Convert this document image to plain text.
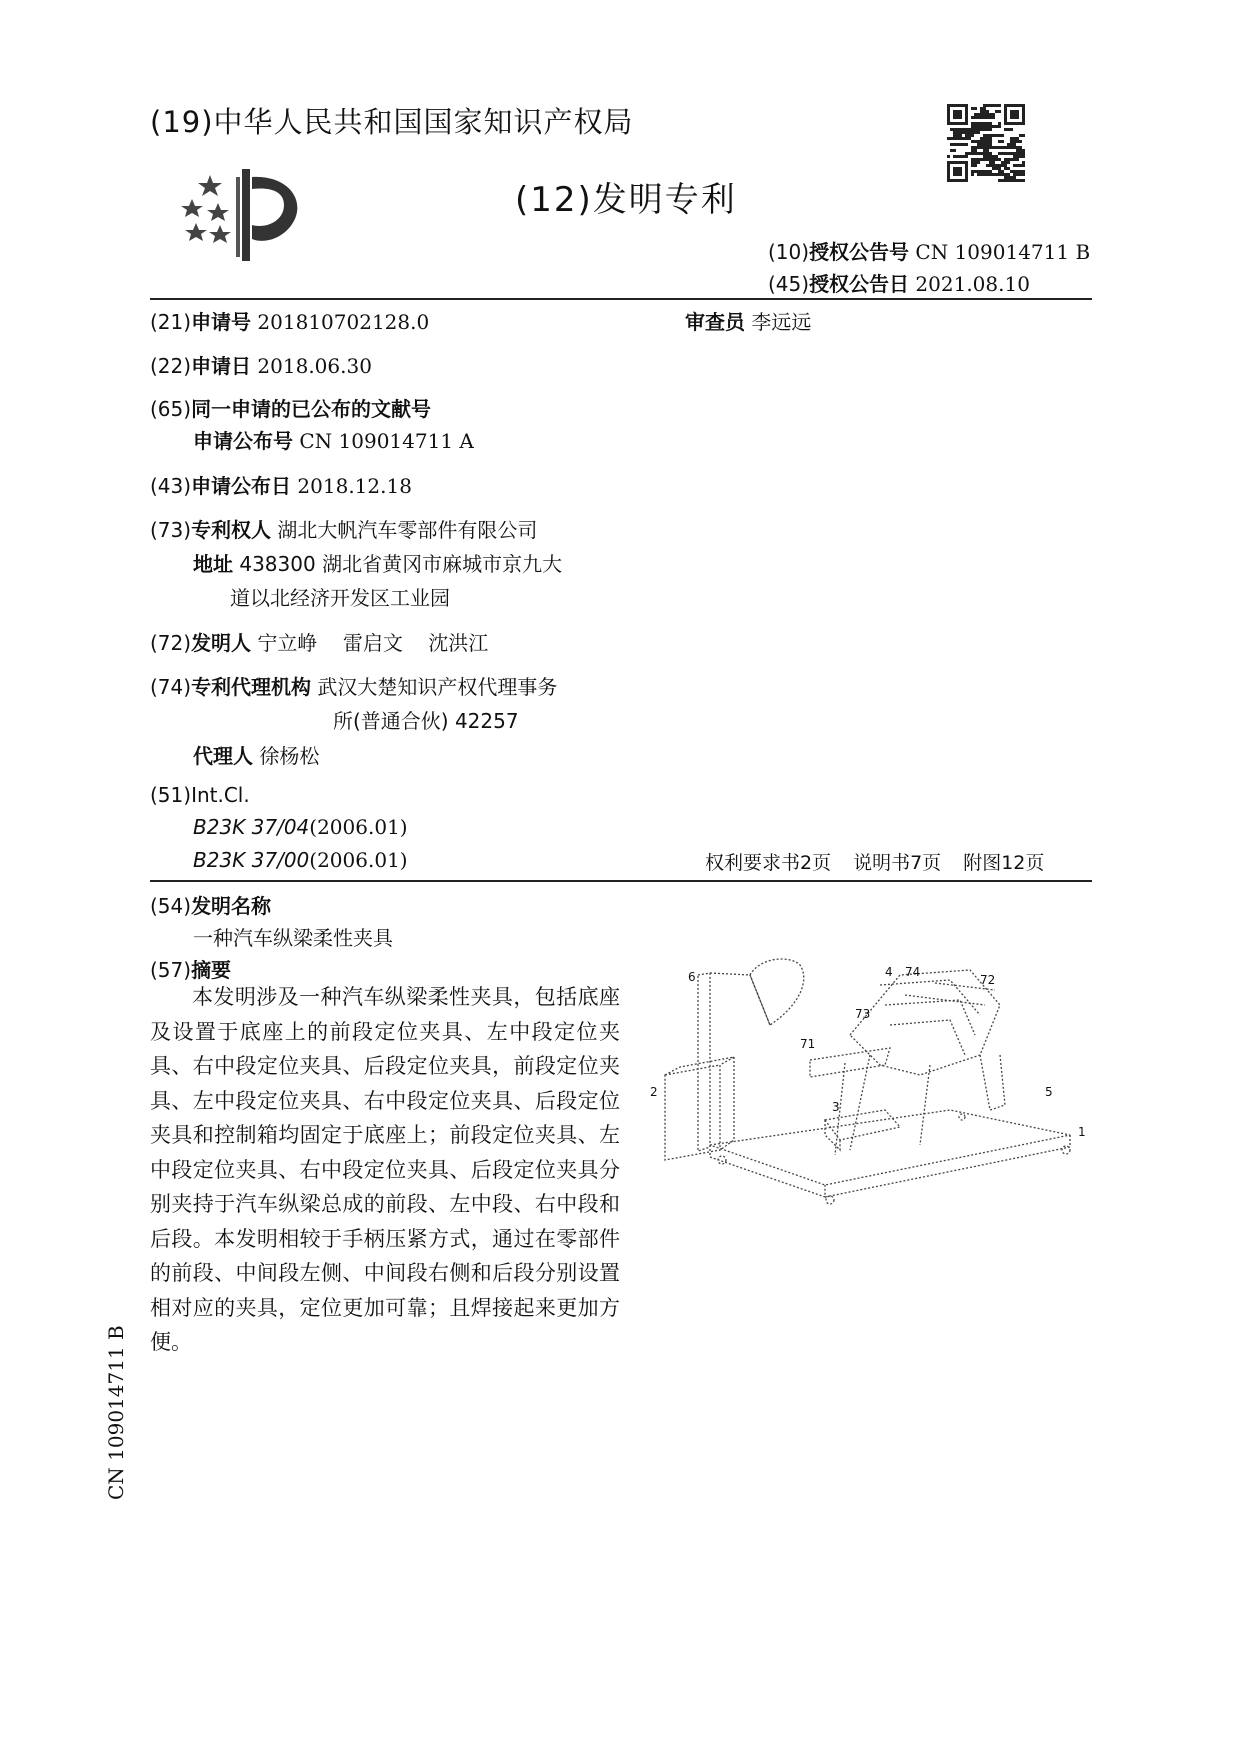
(19)中华人民共和国国家知识产权局
(12)发明专利
(10)授权公告号 CN 109014711 B
(45)授权公告日 2021.08.10
(21)申请号 201810702128.0	审查员 李远远
(22)申请日 2018.06.30
(65)同一申请的已公布的文献号
申请公布号 CN 109014711 A
(43)申请公布日 2018.12.18
(73)专利权人 湖北大帆汽车零部件有限公司
地址 438300 湖北省黄冈市麻城市京九大
道以北经济开发区工业园
(72)发明人 宁立峥 雷启文 沈洪江
(74)专利代理机构 武汉大楚知识产权代理事务
所(普通合伙) 42257
代理人 徐杨松
(51)Int.Cl.
B23K 37/04(2006.01)
B23K 37/00(2006.01)	权利要求书2页 说明书7页 附图12页
(54)发明名称
一种汽车纵梁柔性夹具
(57)摘要

本发明涉及一种汽车纵梁柔性夹具，包括底座及设置于底座上的前段定位夹具、左中段定位夹具、右中段定位夹具、后段定位夹具，前段定位夹具、左中段定位夹具、右中段定位夹具、后段定位夹具和控制箱均固定于底座上；前段定位夹具、左中段定位夹具、右中段定位夹具、后段定位夹具分别夹持于汽车纵梁总成的前段、左中段、右中段和后段。本发明相较于手柄压紧方式，通过在零部件的前段、中间段左侧、中间段右侧和后段分别设置相对应的夹具，定位更加可靠；且焊接起来更加方便。

6
2
71
73
74
72
4
3
5
1
CN 109014711 B
